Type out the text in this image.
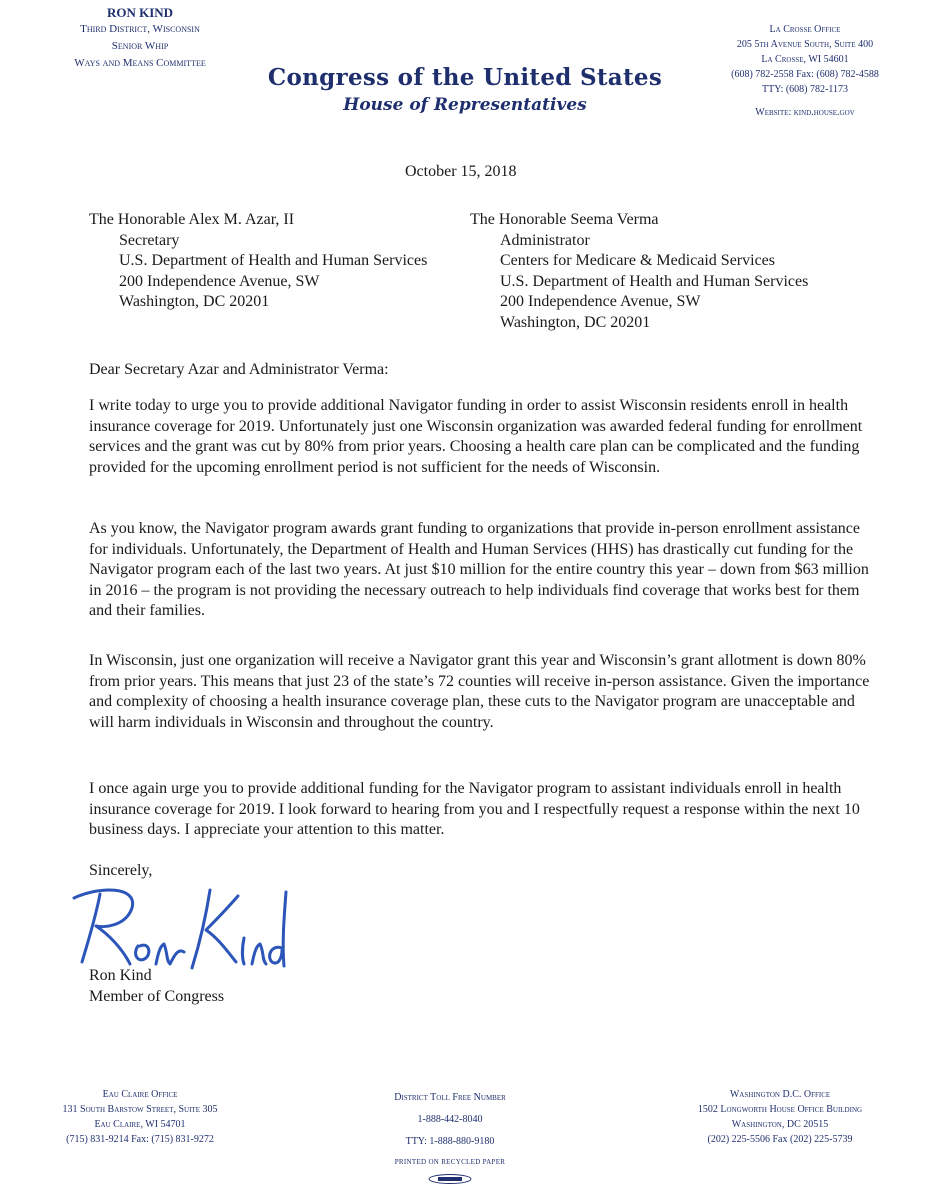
RON KIND
Third District, Wisconsin
Senior Whip
Ways and Means Committee
Congress of the United States
House of Representatives
La Crosse Office
205 5th Avenue South, Suite 400
La Crosse, WI 54601
(608) 782-2558 Fax: (608) 782-4588
TTY: (608) 782-1173
Website: kind.house.gov
October 15, 2018
The Honorable Alex M. Azar, II
Secretary
U.S. Department of Health and Human Services
200 Independence Avenue, SW
Washington, DC 20201
The Honorable Seema Verma
Administrator
Centers for Medicare & Medicaid Services
U.S. Department of Health and Human Services
200 Independence Avenue, SW
Washington, DC 20201
Dear Secretary Azar and Administrator Verma:
I write today to urge you to provide additional Navigator funding in order to assist Wisconsin residents enroll in health insurance coverage for 2019. Unfortunately just one Wisconsin organization was awarded federal funding for enrollment services and the grant was cut by 80% from prior years. Choosing a health care plan can be complicated and the funding provided for the upcoming enrollment period is not sufficient for the needs of Wisconsin.
As you know, the Navigator program awards grant funding to organizations that provide in-person enrollment assistance for individuals. Unfortunately, the Department of Health and Human Services (HHS) has drastically cut funding for the Navigator program each of the last two years. At just $10 million for the entire country this year – down from $63 million in 2016 – the program is not providing the necessary outreach to help individuals find coverage that works best for them and their families.
In Wisconsin, just one organization will receive a Navigator grant this year and Wisconsin’s grant allotment is down 80% from prior years. This means that just 23 of the state’s 72 counties will receive in-person assistance. Given the importance and complexity of choosing a health insurance coverage plan, these cuts to the Navigator program are unacceptable and will harm individuals in Wisconsin and throughout the country.
I once again urge you to provide additional funding for the Navigator program to assistant individuals enroll in health insurance coverage for 2019. I look forward to hearing from you and I respectfully request a response within the next 10 business days. I appreciate your attention to this matter.
Sincerely,
Ron Kind
Member of Congress
Eau Claire Office
131 South Barstow Street, Suite 305
Eau Claire, WI 54701
(715) 831-9214 Fax: (715) 831-9272
District Toll Free Number
1-888-442-8040
TTY: 1-888-880-9180
PRINTED ON RECYCLED PAPER
Washington D.C. Office
1502 Longworth House Office Building
Washington, DC 20515
(202) 225-5506 Fax (202) 225-5739
